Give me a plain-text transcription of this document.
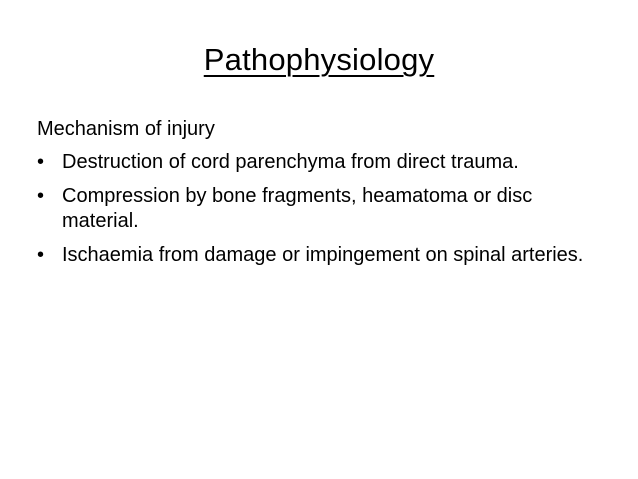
Pathophysiology

Mechanism of injury

• Destruction of cord parenchyma from direct trauma.
• Compression by bone fragments, heamatoma or disc material.
• Ischaemia from damage or impingement on spinal arteries.
